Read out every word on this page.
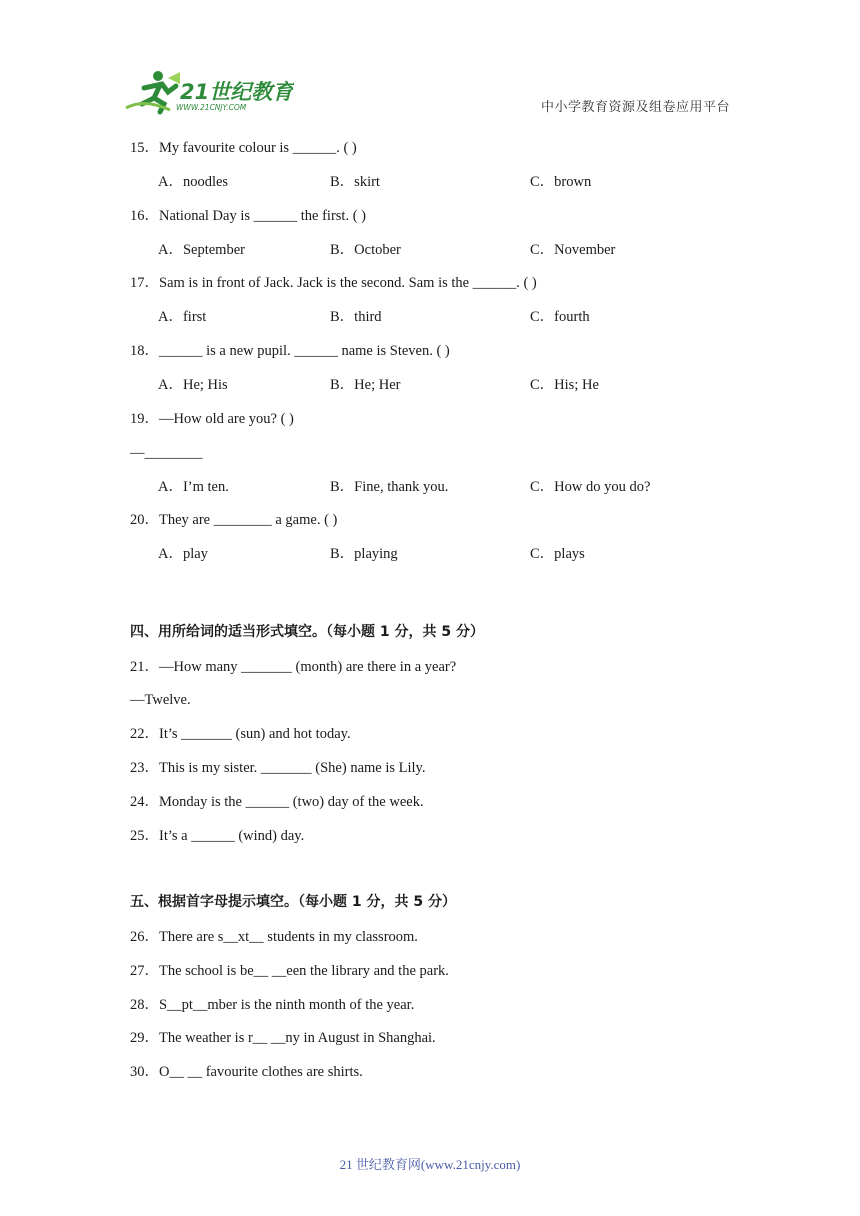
21世纪教育
WWW.21CNJY.COM	中小学教育资源及组卷应用平台
15．My favourite colour is ______. ( )
A．noodles	B．skirt	C．brown
16．National Day is ______ the first. ( )
A．September	B．October	C．November
17．Sam is in front of Jack. Jack is the second. Sam is the ______. ( )
A．first	B．third	C．fourth
18．______ is a new pupil. ______ name is Steven. ( )
A．He; His	B．He; Her	C．His; He
19．—How old are you? ( )
—________
A．I’m ten.	B．Fine, thank you.	C．How do you do?
20．They are ________ a game. ( )
A．play	B．playing	C．plays
四、用所给词的适当形式填空。（每小题 1 分，共 5 分）
21．—How many _______ (month) are there in a year?
—Twelve.
22．It’s _______ (sun) and hot today.
23．This is my sister. _______ (She) name is Lily.
24．Monday is the ______ (two) day of the week.
25．It’s a ______ (wind) day.
五、根据首字母提示填空。（每小题 1 分，共 5 分）
26．There are s__xt__ students in my classroom.
27．The school is be__ __een the library and the park.
28．S__pt__mber is the ninth month of the year.
29．The weather is r__ __ny in August in Shanghai.
30．O__ __ favourite clothes are shirts.
21 世纪教育网(www.21cnjy.com)
